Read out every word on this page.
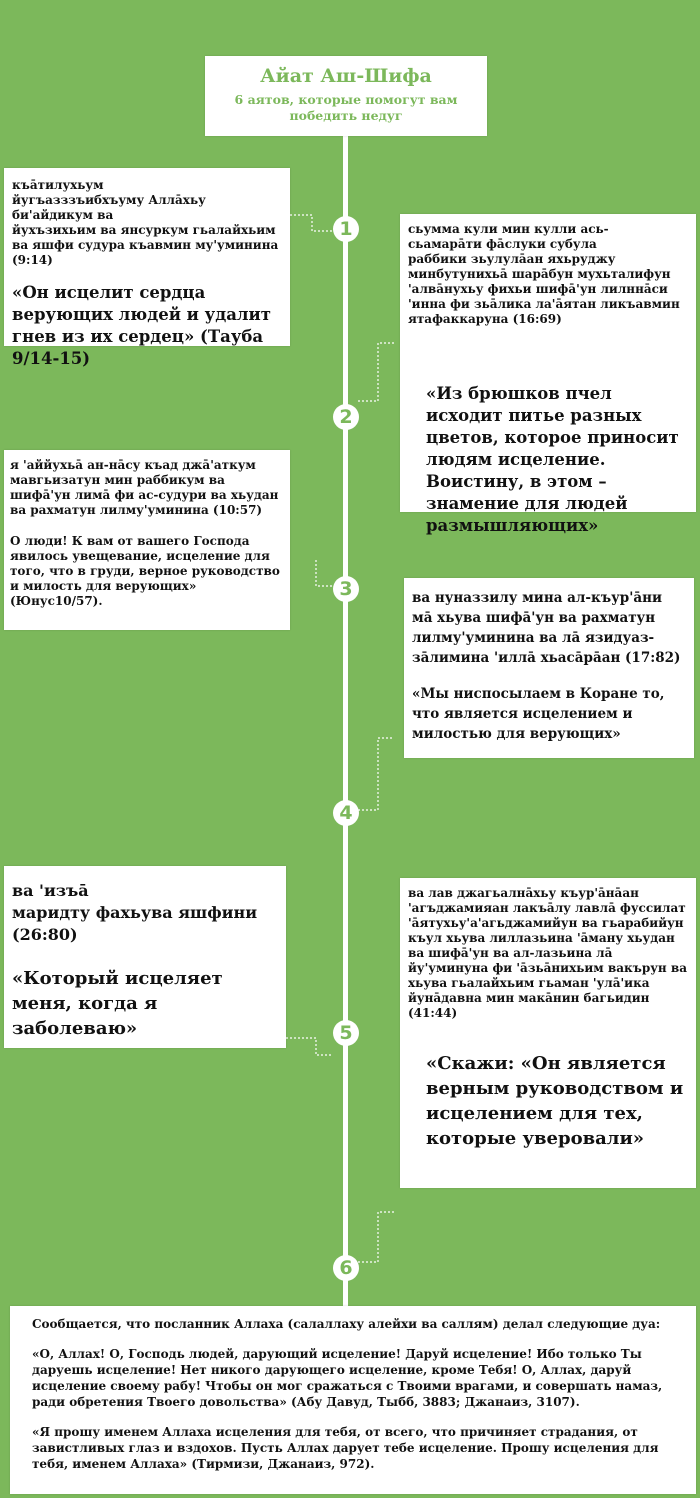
Айат Аш-Шифа
6 аятов, которые помогут вам победить недуг
1
2
3
4
5
6

къāтилухьум
йугъазззъибхъуму Аллāхьу би'айдикум ва
йухъзихьим ва янсуркум гьалайхьим
ва яшфи судура къавмин му'уминина (9:14)

«Он исцелит сердца верующих людей и удалит гнев из их сердец» (Тауба 9/14-15)

сьумма кули мин кулли ась-
сьамарāти фāслуки субула
раббики зьулулāан яхьруджу минбутунихьā шарāбун мухьталифун
'алвāнухьу фихьи шифā'ун лилннāси 'инна фи зьāлика ла'āятан ликъавмин ятафаккаруна (16:69)

«Из брюшков пчел исходит питье разных цветов, которое приносит людям исцеление. Воистину, в этом – знамение для людей размышляющих»

я 'аййухьā ан-нāсу къад джā'аткум мавгьизатун мин раббикум ва шифā'ун лимā фи ас-судури ва хьудан ва рахматун лилму'уминина (10:57)

О люди! К вам от вашего Господа явилось увещевание, исцеление для того, что в груди, верное руководство и милость для верующих» (Юнус10/57).	ва нуназзилу мина ал-къур'āни мā хьува шифā'ун ва рахматун лилму'уминина ва лā язидуаз-зāлимина 'иллā хьасāрāан (17:82)

«Мы ниспосылаем в Коране то, что является исцелением и милостью для верующих»

ва 'изъā
маридту фахьува яшфини
(26:80)

«Который исцеляет меня, когда я заболеваю»

ва лав джагьалнāхьу къур'āнāан 'агъджамияан лакъāлу лавлā фуссилат 'āятухьу'а'агьджамийун ва гьарабийун къул хьува лиллазьина 'āману хьудан ва шифā'ун ва ал-лазьина лā йу'уминуна фи 'āзьāнихьим вакърун ва хьува гьалайхьим гьаман 'улā'ика йунāдавна мин макāнин багьидин (41:44)

«Скажи: «Он является верным руководством и исцелением для тех, которые уверовали»

Сообщается, что посланник Аллаха (салаллаху алейхи ва саллям) делал следующие дуа:

«О, Аллах! О, Господь людей, дарующий исцеление! Даруй исцеление! Ибо только Ты даруешь исцеление! Нет никого дарующего исцеление, кроме Тебя! О, Аллах, даруй исцеление своему рабу! Чтобы он мог сражаться с Твоими врагами, и совершать намаз, ради обретения Твоего довольства» (Абу Давуд, Тыбб, 3883; Джанаиз, 3107).

«Я прошу именем Аллаха исцеления для тебя, от всего, что причиняет страдания, от завистливых глаз и вздохов. Пусть Аллах дарует тебе исцеление. Прошу исцеления для тебя, именем Аллаха» (Тирмизи, Джанаиз, 972).
